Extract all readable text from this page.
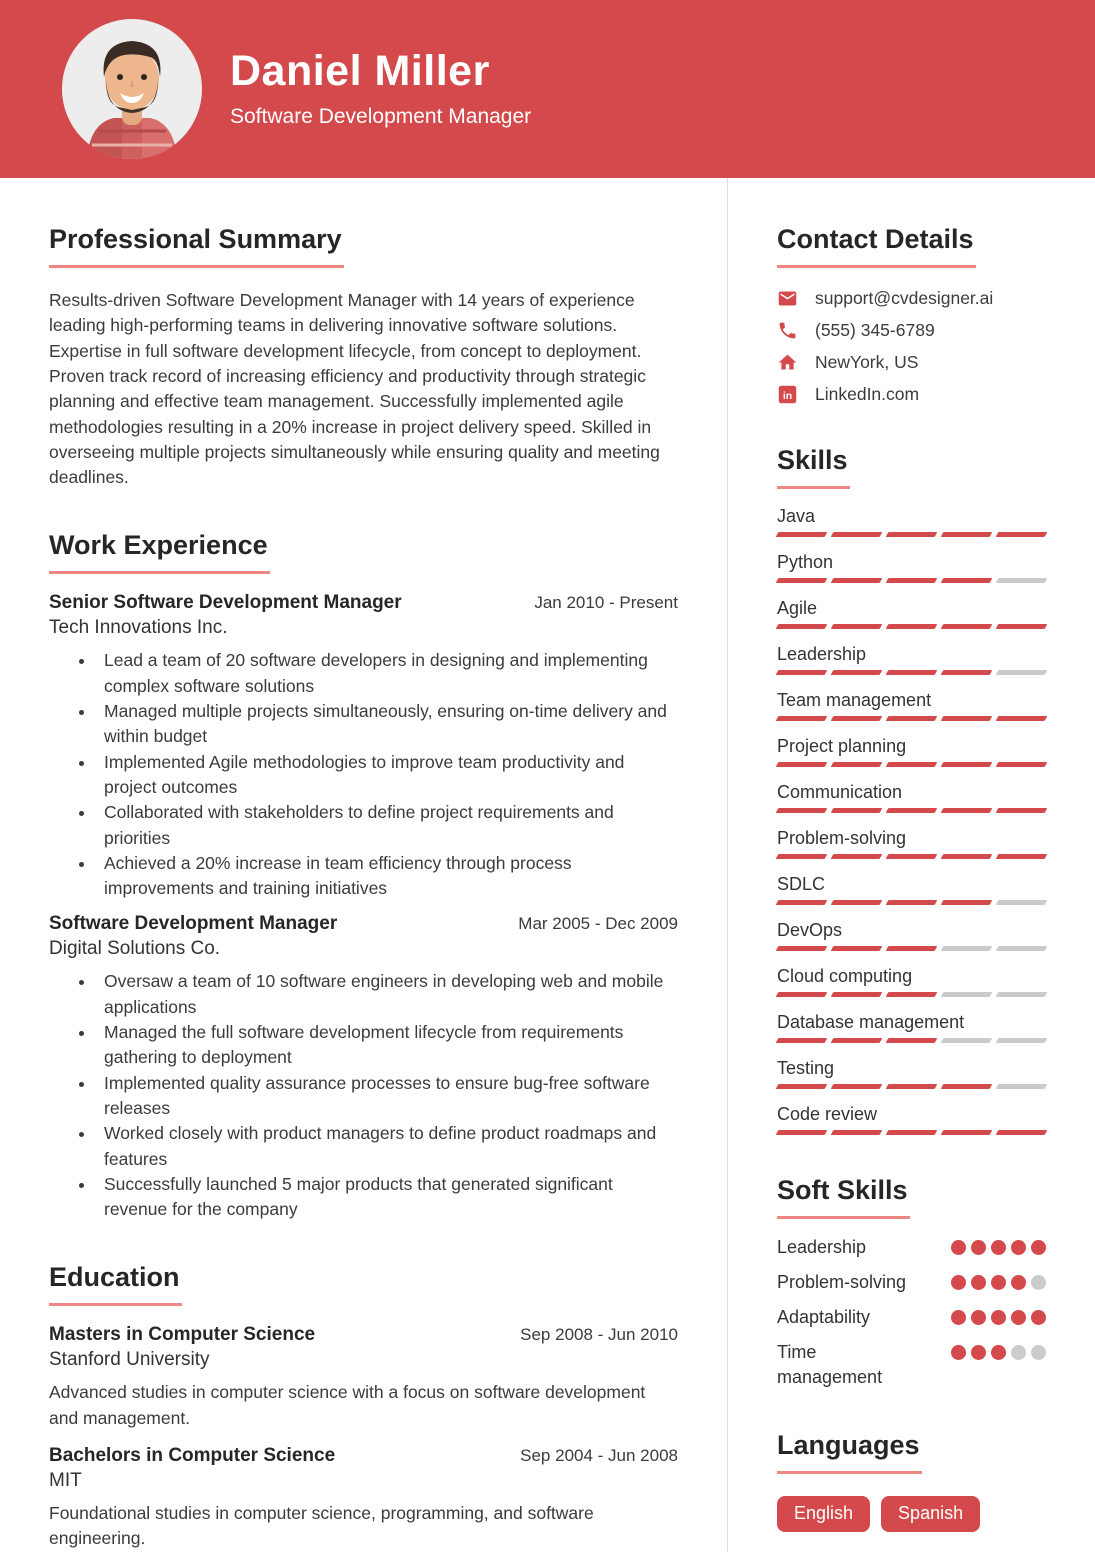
Daniel Miller
Software Development Manager
Professional Summary

Results-driven Software Development Manager with 14 years of experience leading high-performing teams in delivering innovative software solutions. Expertise in full software development lifecycle, from concept to deployment. Proven track record of increasing efficiency and productivity through strategic planning and effective team management. Successfully implemented agile methodologies resulting in a 20% increase in project delivery speed. Skilled in overseeing multiple projects simultaneously while ensuring quality and meeting deadlines.

Work Experience
Senior Software Development Manager	Jan 2010 - Present
Tech Innovations Inc.
• Lead a team of 20 software developers in designing and implementing complex software solutions
• Managed multiple projects simultaneously, ensuring on-time delivery and within budget
• Implemented Agile methodologies to improve team productivity and project outcomes
• Collaborated with stakeholders to define project requirements and priorities
• Achieved a 20% increase in team efficiency through process improvements and training initiatives
Software Development Manager	Mar 2005 - Dec 2009
Digital Solutions Co.
• Oversaw a team of 10 software engineers in developing web and mobile applications
• Managed the full software development lifecycle from requirements gathering to deployment
• Implemented quality assurance processes to ensure bug-free software releases
• Worked closely with product managers to define product roadmaps and features
• Successfully launched 5 major products that generated significant revenue for the company
Education
Masters in Computer Science	Sep 2008 - Jun 2010
Stanford University

Advanced studies in computer science with a focus on software development and management.

Bachelors in Computer Science	Sep 2004 - Jun 2008
MIT

Foundational studies in computer science, programming, and software engineering.

Contact Details
support@cvdesigner.ai
(555) 345-6789
NewYork, US
in LinkedIn.com
Skills
Java
Python
Agile
Leadership
Team management
Project planning
Communication
Problem-solving
SDLC
DevOps
Cloud computing
Database management
Testing
Code review
Soft Skills
Leadership
Problem-solving
Adaptability
Time management
Languages
English	Spanish
